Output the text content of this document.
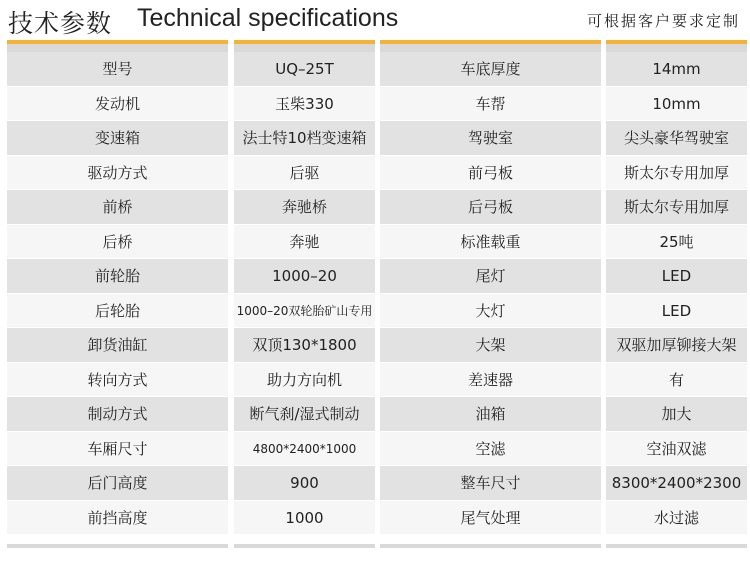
技术参数 Technical specifications	可根据客户要求定制
型号
发动机
变速箱
驱动方式
前桥
后桥
前轮胎
后轮胎
卸货油缸
转向方式
制动方式
车厢尺寸
后门高度
前挡高度
UQ–25T
玉柴330
法士特10档变速箱
后驱
奔驰桥
奔驰
1000–20
1000–20双轮胎矿山专用
双顶130*1800
助力方向机
断气刹/湿式制动
4800*2400*1000
900
1000
车底厚度
车帮
驾驶室
前弓板
后弓板
标准载重
尾灯
大灯
大架
差速器
油箱
空滤
整车尺寸
尾气处理
14mm
10mm
尖头豪华驾驶室
斯太尔专用加厚
斯太尔专用加厚
25吨
LED
LED
双驱加厚铆接大架
有
加大
空油双滤
8300*2400*2300
水过滤
